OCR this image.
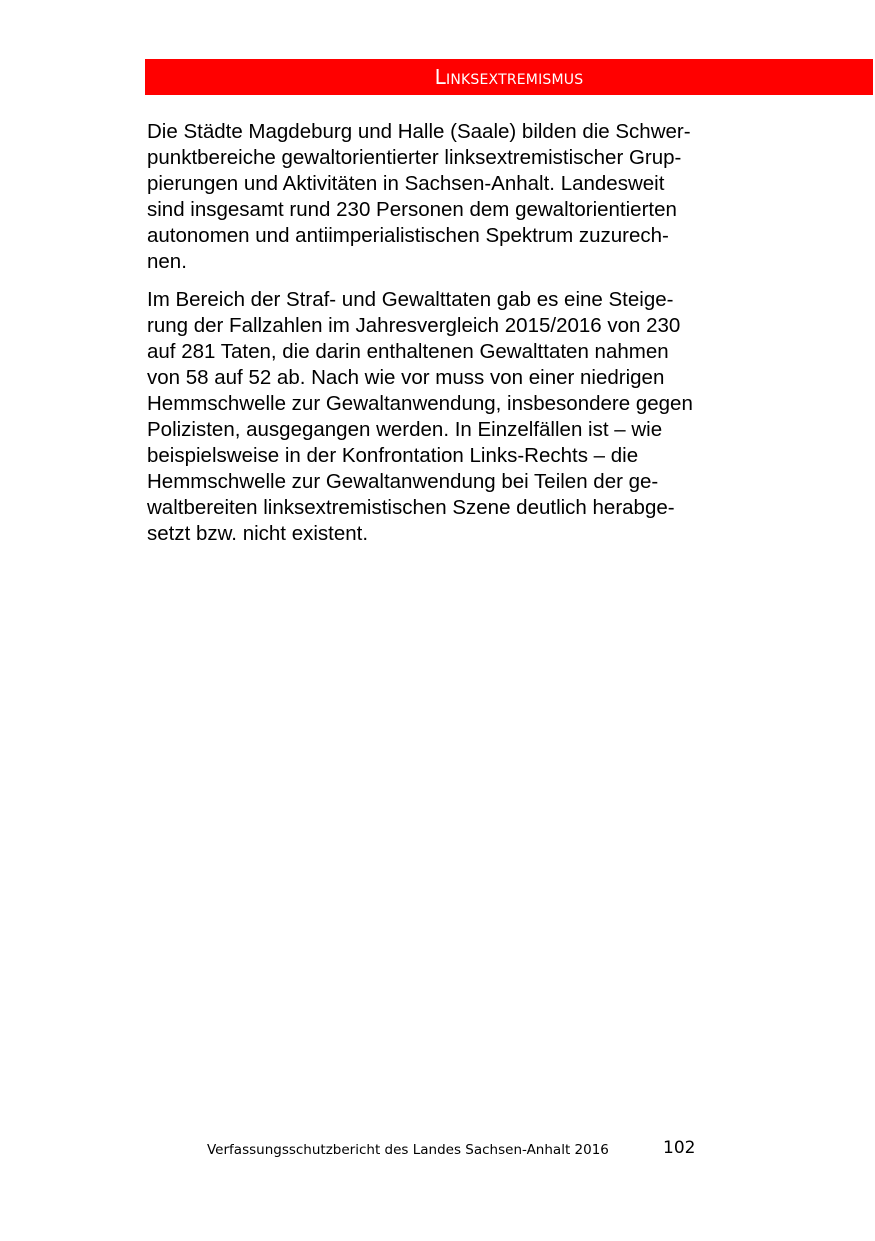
Linksextremismus

Die Städte Magdeburg und Halle (Saale) bilden die Schwer-
punktbereiche gewaltorientierter linksextremistischer Grup-
pierungen und Aktivitäten in Sachsen-Anhalt. Landesweit
sind insgesamt rund 230 Personen dem gewaltorientierten
autonomen und antiimperialistischen Spektrum zuzurech-
nen.

Im Bereich der Straf- und Gewalttaten gab es eine Steige-
rung der Fallzahlen im Jahresvergleich 2015/2016 von 230
auf 281 Taten, die darin enthaltenen Gewalttaten nahmen
von 58 auf 52 ab. Nach wie vor muss von einer niedrigen
Hemmschwelle zur Gewaltanwendung, insbesondere gegen
Polizisten, ausgegangen werden. In Einzelfällen ist – wie
beispielsweise in der Konfrontation Links-Rechts – die
Hemmschwelle zur Gewaltanwendung bei Teilen der ge-
waltbereiten linksextremistischen Szene deutlich herabge-
setzt bzw. nicht existent.

Verfassungsschutzbericht des Landes Sachsen-Anhalt 2016	102
